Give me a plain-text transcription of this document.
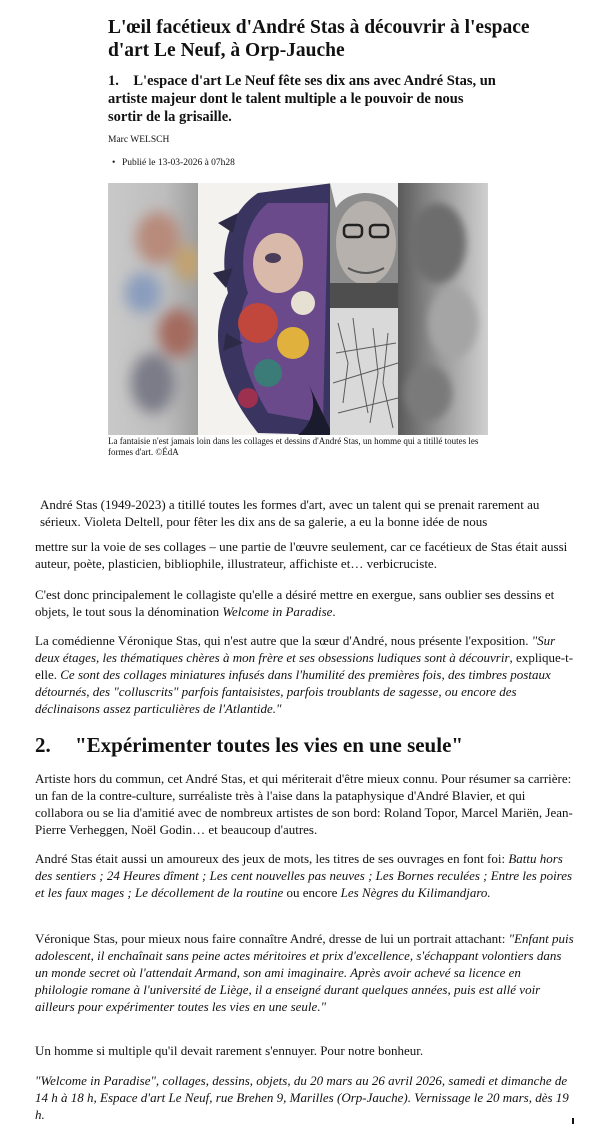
L'œil facétieux d'André Stas à découvrir à l'espace d'art Le Neuf, à Orp-Jauche

1.    L'espace d'art Le Neuf fête ses dix ans avec André Stas, un artiste majeur dont le talent multiple a le pouvoir de nous sortir de la grisaille.

Marc WELSCH

• Publié le 13-03-2026 à 07h28

La fantaisie n'est jamais loin dans les collages et dessins d'André Stas, un homme qui a titillé toutes les formes d'art. ©ÉdA

André Stas (1949-2023) a titillé toutes les formes d'art, avec un talent qui se prenait rarement au sérieux. Violeta Deltell, pour fêter les dix ans de sa galerie, a eu la bonne idée de nous

mettre sur la voie de ses collages – une partie de l'œuvre seulement, car ce facétieux de Stas était aussi auteur, poète, plasticien, bibliophile, illustrateur, affichiste et… verbicruciste.

C'est donc principalement le collagiste qu'elle a désiré mettre en exergue, sans oublier ses dessins et objets, le tout sous la dénomination Welcome in Paradise.

La comédienne Véronique Stas, qui n'est autre que la sœur d'André, nous présente l'exposition. "Sur deux étages, les thématiques chères à mon frère et ses obsessions ludiques sont à découvrir, explique-t-elle. Ce sont des collages miniatures infusés dans l'humilité des premières fois, des timbres postaux détournés, des "colluscrits" parfois fantaisistes, parfois troublants de sagesse, ou encore des déclinaisons assez particulières de l'Atlantide."

2. "Expérimenter toutes les vies en une seule"

Artiste hors du commun, cet André Stas, et qui mériterait d'être mieux connu. Pour résumer sa carrière: un fan de la contre-culture, surréaliste très à l'aise dans la pataphysique d'André Blavier, et qui collabora ou se lia d'amitié avec de nombreux artistes de son bord: Roland Topor, Marcel Mariën, Jean-Pierre Verheggen, Noël Godin… et beaucoup d'autres.

André Stas était aussi un amoureux des jeux de mots, les titres de ses ouvrages en font foi: Battu hors des sentiers ; 24 Heures dîment ; Les cent nouvelles pas neuves ; Les Bornes reculées ; Entre les poires et les faux mages ; Le décollement de la routine ou encore Les Nègres du Kilimandjaro.

Véronique Stas, pour mieux nous faire connaître André, dresse de lui un portrait attachant: "Enfant puis adolescent, il enchaînait sans peine actes méritoires et prix d'excellence, s'échappant volontiers dans un monde secret où l'attendait Armand, son ami imaginaire. Après avoir achevé sa licence en philologie romane à l'université de Liège, il a enseigné durant quelques années, puis est allé voir ailleurs pour expérimenter toutes les vies en une seule."

Un homme si multiple qu'il devait rarement s'ennuyer. Pour notre bonheur.

"Welcome in Paradise", collages, dessins, objets, du 20 mars au 26 avril 2026, samedi et dimanche de 14 h à 18 h, Espace d'art Le Neuf, rue Brehen 9, Marilles (Orp-Jauche). Vernissage le 20 mars, dès 19 h.
